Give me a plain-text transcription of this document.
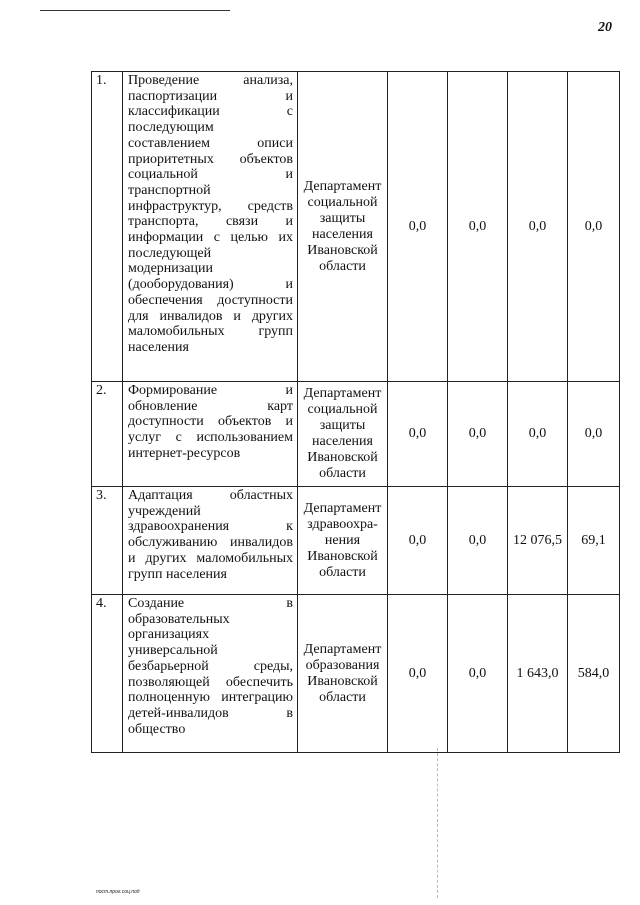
20
1.	Проведение анализа, паспортизации и классификации с последующим составлением описи приоритетных объектов социальной и транспортной инфраструктур, средств транспорта, связи и информации с целью их последующей модернизации (дооборудования) и обеспечения доступности для инвалидов и других маломобильных групп населения	Департамент социальной защиты населения Ивановской области	0,0	0,0	0,0	0,0
2.	Формирование и обновление карт доступности объектов и услуг с использованием интернет-ресурсов	Департамент социальной защиты населения Ивановской области	0,0	0,0	0,0	0,0
3.	Адаптация областных учреждений здравоохранения к обслуживанию инвалидов и других маломобильных групп населения	Департамент здравоохра-нения Ивановской области	0,0	0,0	12 076,5	69,1
4.	Создание в образовательных организациях универсальной безбарьерной среды, позволяющей обеспечить полноценную интеграцию детей-инвалидов в общество	Департамент образования Ивановской области	0,0	0,0	1 643,0	584,0
пост.прог.соц.под
